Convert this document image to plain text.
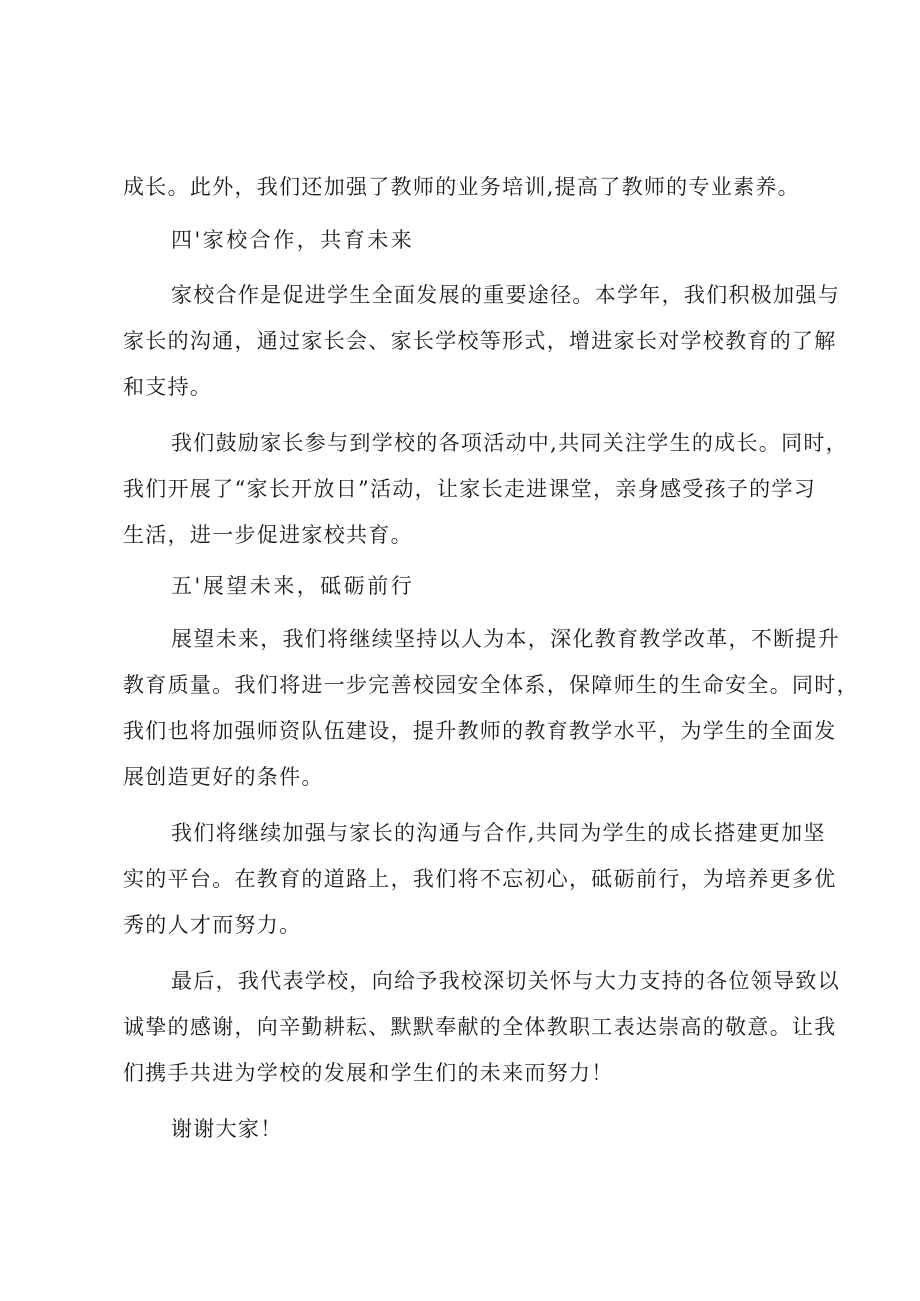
成长。此外，我们还加强了教师的业务培训,提高了教师的专业素养。
四'家校合作，共育未来
家校合作是促进学生全面发展的重要途径。本学年，我们积极加强与
家长的沟通，通过家长会、家长学校等形式，增进家长对学校教育的了解
和支持。
我们鼓励家长参与到学校的各项活动中,共同关注学生的成长。同时，
我们开展了“家长开放日”活动，让家长走进课堂，亲身感受孩子的学习
生活，进一步促进家校共育。
五'展望未来，砥砺前行
展望未来，我们将继续坚持以人为本，深化教育教学改革，不断提升
教育质量。我们将进一步完善校园安全体系，保障师生的生命安全。同时，
我们也将加强师资队伍建设，提升教师的教育教学水平，为学生的全面发
展创造更好的条件。
我们将继续加强与家长的沟通与合作,共同为学生的成长搭建更加坚
实的平台。在教育的道路上，我们将不忘初心，砥砺前行，为培养更多优
秀的人才而努力。
最后，我代表学校，向给予我校深切关怀与大力支持的各位领导致以
诚挚的感谢，向辛勤耕耘、默默奉献的全体教职工表达崇高的敬意。让我
们携手共进为学校的发展和学生们的未来而努力！
谢谢大家！
